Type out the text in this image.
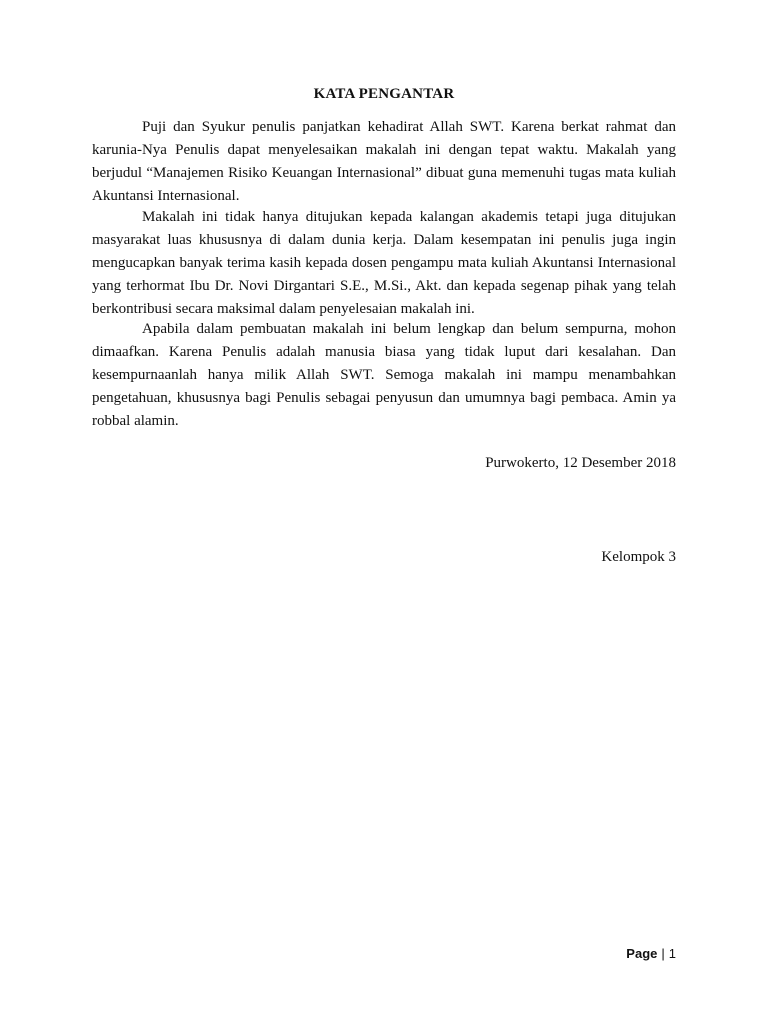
KATA PENGANTAR

Puji dan Syukur penulis panjatkan kehadirat Allah SWT. Karena berkat rahmat dan karunia-Nya Penulis dapat menyelesaikan makalah ini dengan tepat waktu. Makalah yang berjudul “Manajemen Risiko Keuangan Internasional” dibuat guna memenuhi tugas mata kuliah Akuntansi Internasional.

Makalah ini tidak hanya ditujukan kepada kalangan akademis tetapi juga ditujukan masyarakat luas khususnya di dalam dunia kerja. Dalam kesempatan ini penulis juga ingin mengucapkan banyak terima kasih kepada dosen pengampu mata kuliah Akuntansi Internasional yang terhormat Ibu Dr. Novi Dirgantari S.E., M.Si., Akt. dan kepada segenap pihak yang telah berkontribusi secara maksimal dalam penyelesaian makalah ini.

Apabila dalam pembuatan makalah ini belum lengkap dan belum sempurna, mohon dimaafkan. Karena Penulis adalah manusia biasa yang tidak luput dari kesalahan. Dan kesempurnaanlah hanya milik Allah SWT. Semoga makalah ini mampu menambahkan pengetahuan, khususnya bagi Penulis sebagai penyusun dan umumnya bagi pembaca. Amin ya robbal alamin.

Purwokerto, 12 Desember 2018
Kelompok 3
Page | 1
